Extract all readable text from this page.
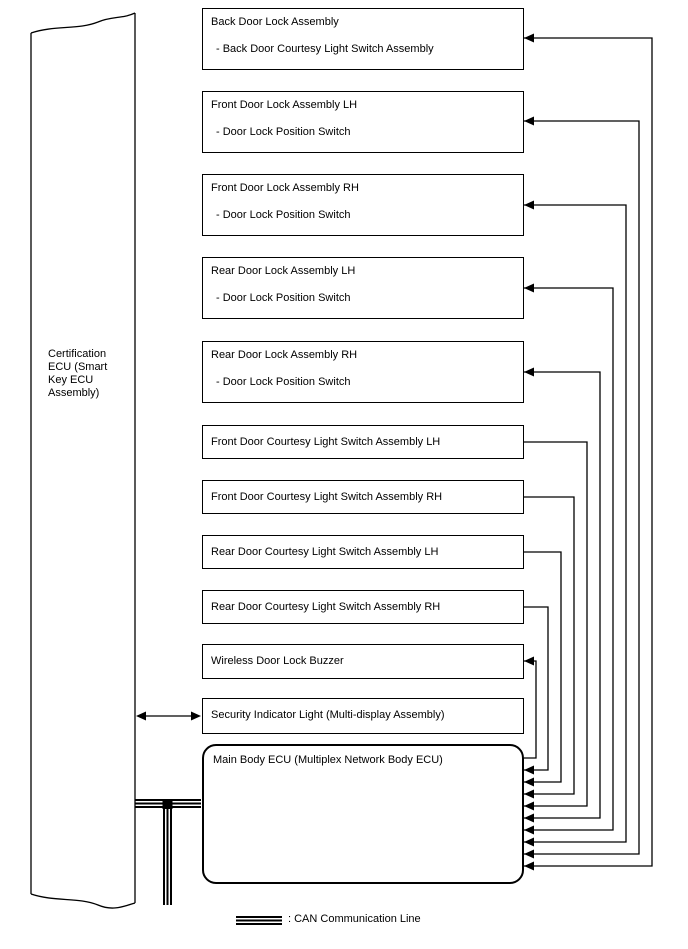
Certification ECU (Smart Key ECU Assembly)
Back Door Lock Assembly
- Back Door Courtesy Light Switch Assembly
Front Door Lock Assembly LH
- Door Lock Position Switch
Front Door Lock Assembly RH
- Door Lock Position Switch
Rear Door Lock Assembly LH
- Door Lock Position Switch
Rear Door Lock Assembly RH
- Door Lock Position Switch
Front Door Courtesy Light Switch Assembly LH
Front Door Courtesy Light Switch Assembly RH
Rear Door Courtesy Light Switch Assembly LH
Rear Door Courtesy Light Switch Assembly RH
Wireless Door Lock Buzzer
Security Indicator Light (Multi-display Assembly)
Main Body ECU (Multiplex Network Body ECU)
: CAN Communication Line
